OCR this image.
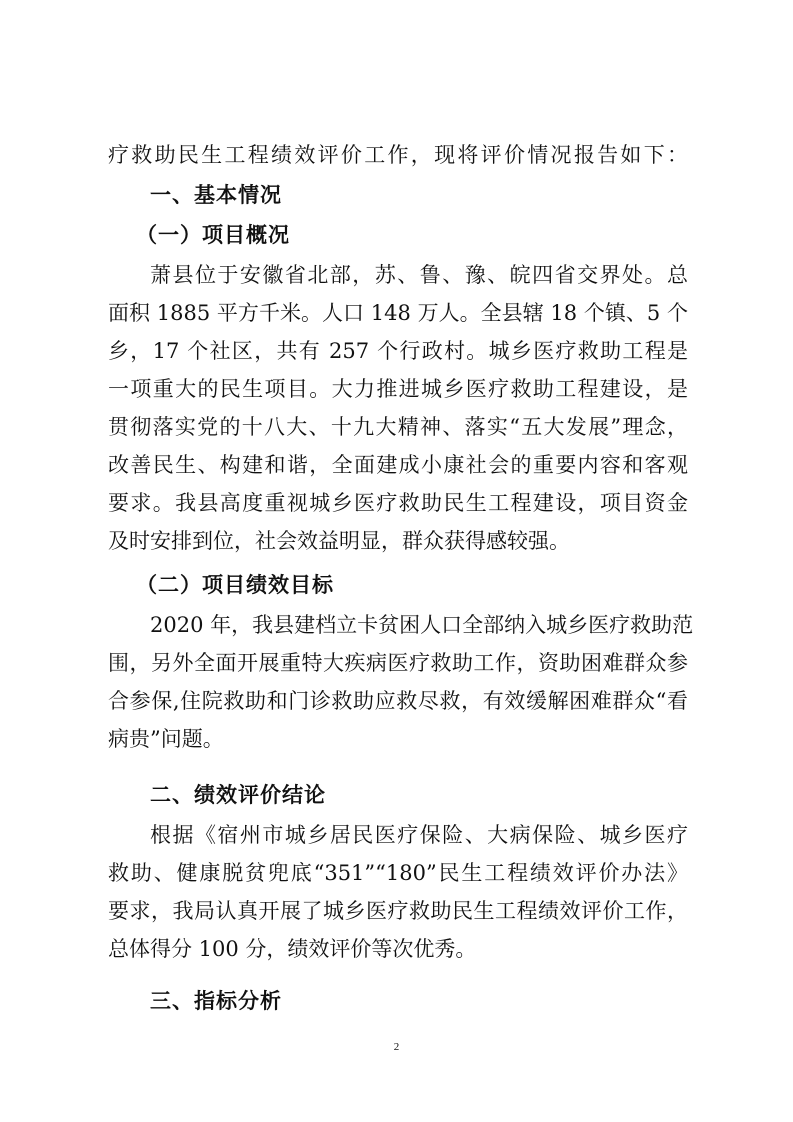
疗救助民生工程绩效评价工作，现将评价情况报告如下：
一、基本情况
（一）项目概况
萧县位于安徽省北部，苏、鲁、豫、皖四省交界处。总
面积 1885 平方千米。人口 148 万人。全县辖 18 个镇、5 个
乡，17 个社区，共有 257 个行政村。城乡医疗救助工程是
一项重大的民生项目。大力推进城乡医疗救助工程建设，是
贯彻落实党的十八大、十九大精神、落实“五大发展”理念，
改善民生、构建和谐，全面建成小康社会的重要内容和客观
要求。我县高度重视城乡医疗救助民生工程建设，项目资金
及时安排到位，社会效益明显，群众获得感较强。
（二）项目绩效目标
2020 年，我县建档立卡贫困人口全部纳入城乡医疗救助范
围，另外全面开展重特大疾病医疗救助工作，资助困难群众参
合参保,住院救助和门诊救助应救尽救，有效缓解困难群众“看
病贵”问题。
二、绩效评价结论
根据《宿州市城乡居民医疗保险、大病保险、城乡医疗
救助、健康脱贫兜底“351”“180”民生工程绩效评价办法》
要求，我局认真开展了城乡医疗救助民生工程绩效评价工作，
总体得分 100 分，绩效评价等次优秀。
三、指标分析
2
